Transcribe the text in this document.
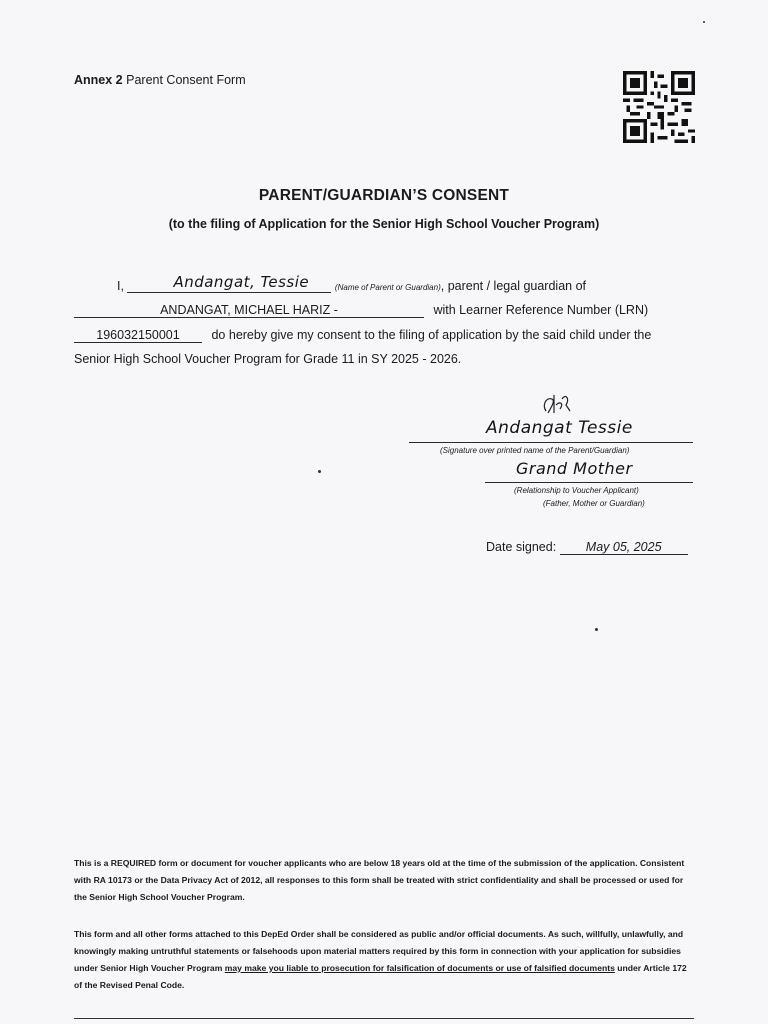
Annex 2 Parent Consent Form
PARENT/GUARDIAN’S CONSENT
(to the filing of Application for the Senior High School Voucher Program)
I,	Andangat, Tessie	(Name of Parent or Guardian), parent / legal guardian of
ANDANGAT, MICHAEL HARIZ -	with Learner Reference Number (LRN)
196032150001	do hereby give my consent to the filing of application by the said child under the
Senior High School Voucher Program for Grade 11 in SY 2025 - 2026.
Andangat Tessie
(Signature over printed name of the Parent/Guardian)
Grand Mother
(Relationship to Voucher Applicant)
(Father, Mother or Guardian)
Date signed: May 05, 2025
This is a REQUIRED form or document for voucher applicants who are below 18 years old at the time of the submission of the application. Consistent with RA 10173 or the Data Privacy Act of 2012, all responses to this form shall be treated with strict confidentiality and shall be processed or used for the Senior High School Voucher Program.
This form and all other forms attached to this DepEd Order shall be considered as public and/or official documents. As such, willfully, unlawfully, and knowingly making untruthful statements or falsehoods upon material matters required by this form in connection with your application for subsidies under Senior High Voucher Program may make you liable to prosecution for falsification of documents or use of falsified documents under Article 172 of the Revised Penal Code.
